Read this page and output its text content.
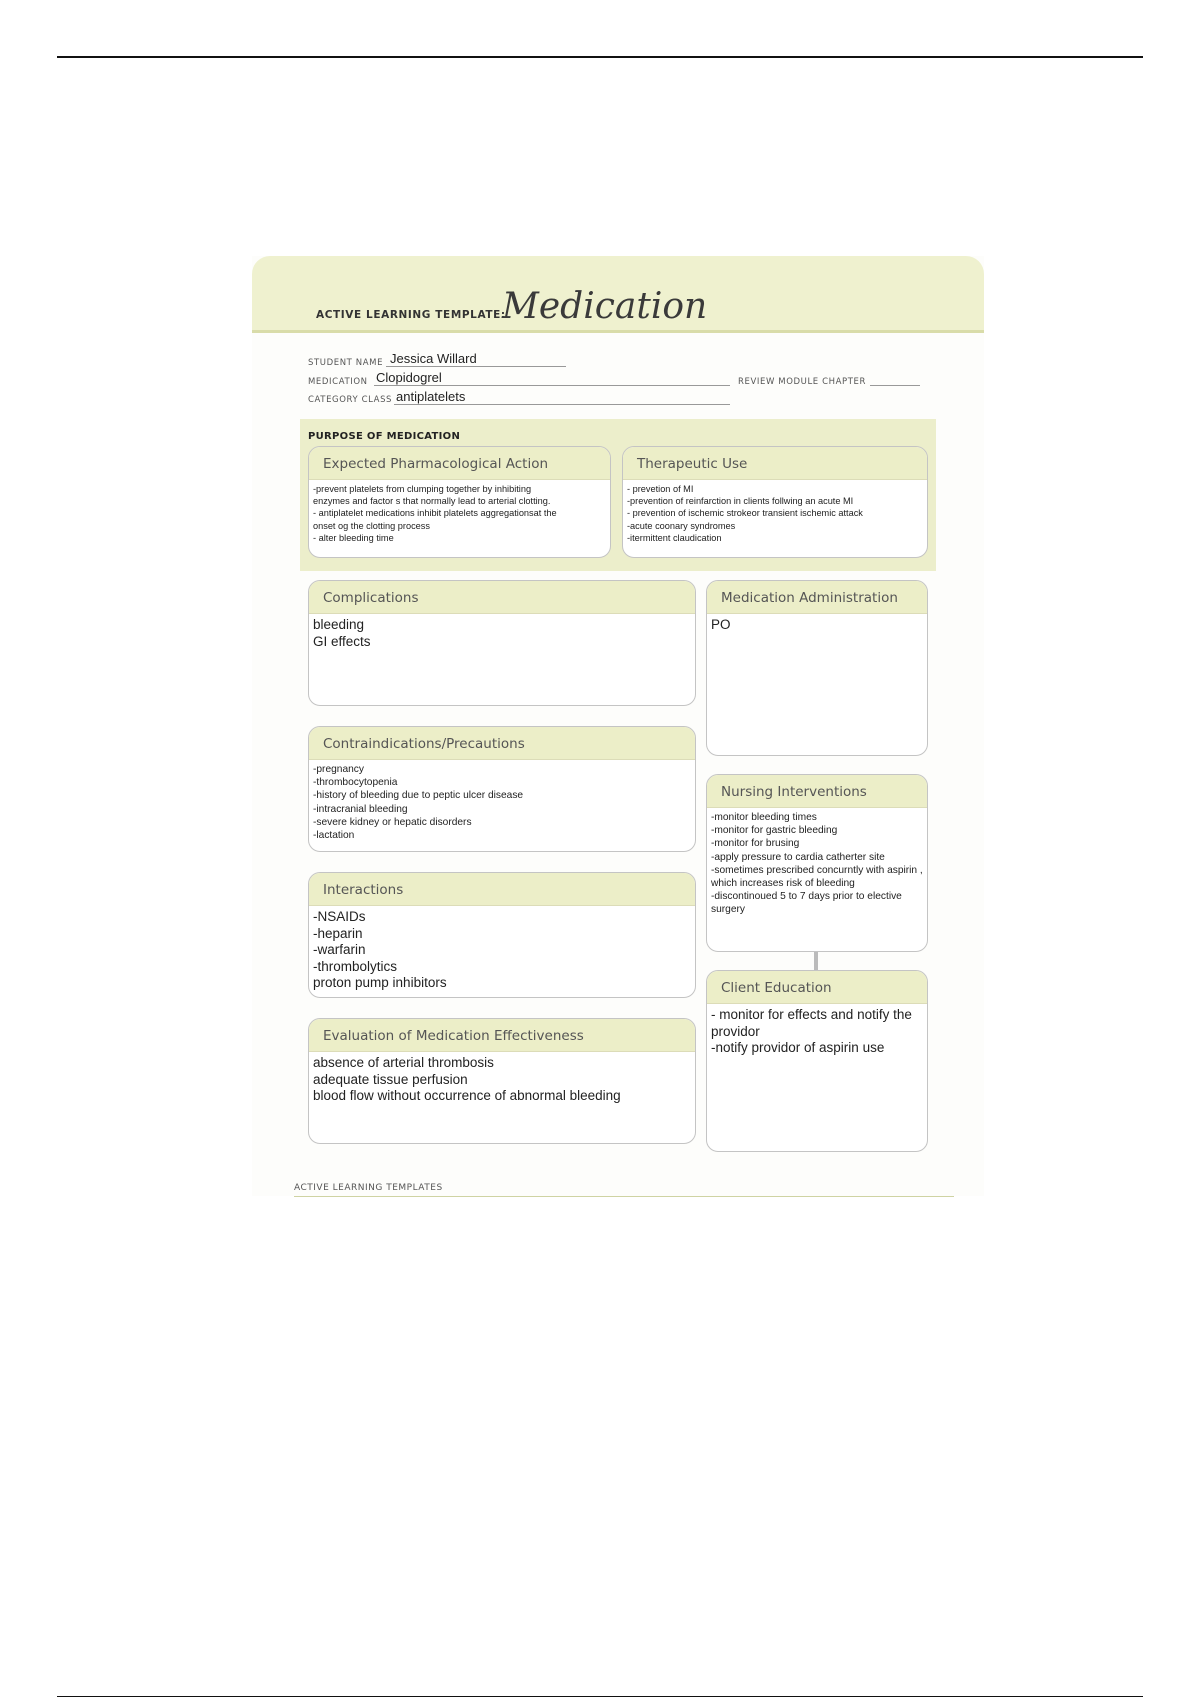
ACTIVE LEARNING TEMPLATE:
Medication
STUDENT NAME Jessica Willard
MEDICATION Clopidogrel	REVIEW MODULE CHAPTER
CATEGORY CLASS antiplatelets
PURPOSE OF MEDICATION
Expected Pharmacological Action
-prevent platelets from clumping together by inhibiting
enzymes and factor s that normally lead to arterial clotting.
- antiplatelet medications inhibit platelets aggregationsat the
onset og the clotting process
- alter bleeding time
Therapeutic Use
- prevetion of MI
-prevention of reinfarction in clients follwing an acute MI
- prevention of ischemic strokeor transient ischemic attack
-acute coonary syndromes
-itermittent claudication
Complications
bleeding
GI effects
Medication Administration
PO
Contraindications/Precautions
-pregnancy
-thrombocytopenia
-history of bleeding due to peptic ulcer disease
-intracranial bleeding
-severe kidney or hepatic disorders
-lactation
Nursing Interventions
-monitor bleeding times
-monitor for gastric bleeding
-monitor for brusing
-apply pressure to cardia catherter site
-sometimes prescribed concurntly with aspirin , which increases risk of bleeding
-discontinoued 5 to 7 days prior to elective surgery
Interactions
-NSAIDs
-heparin
-warfarin
-thrombolytics
proton pump inhibitors	Client Education
- monitor for effects and notify the providor
-notify providor of aspirin use
Evaluation of Medication Effectiveness
absence of arterial thrombosis
adequate tissue perfusion
blood flow without occurrence of abnormal bleeding
ACTIVE LEARNING TEMPLATES
